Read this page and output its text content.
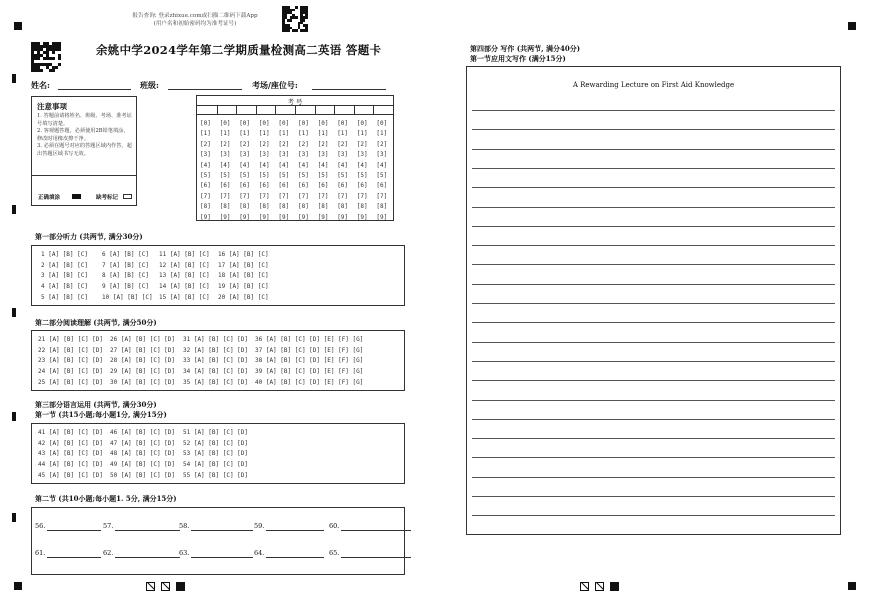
报告查询: 登录zhixue.com或扫描二维码下载App
(用户名和初始密码均为准考证号)
余姚中学2024学年第二学期质量检测高二英语 答题卡
姓名:	班级:	考场/座位号:
注意事项
1. 答题前请将姓名、班级、考场、准考证号填写清楚。
2. 客观题答题，必须使用2B铅笔填涂，修改时用橡皮擦干净。
3. 必须在题号对应的答题区域内作答，超出答题区域书写无效。
正确填涂	缺考标记
考 号
[0] [0] [0] [0] [0] [0] [0] [0] [0] [0]
[1] [1] [1] [1] [1] [1] [1] [1] [1] [1]
[2] [2] [2] [2] [2] [2] [2] [2] [2] [2]
[3] [3] [3] [3] [3] [3] [3] [3] [3] [3]
[4] [4] [4] [4] [4] [4] [4] [4] [4] [4]
[5] [5] [5] [5] [5] [5] [5] [5] [5] [5]
[6] [6] [6] [6] [6] [6] [6] [6] [6] [6]
[7] [7] [7] [7] [7] [7] [7] [7] [7] [7]
[8] [8] [8] [8] [8] [8] [8] [8] [8] [8]
[9] [9] [9] [9] [9] [9] [9] [9] [9] [9]
第一部分听力 (共两节, 满分30分)
1 [A] [B] [C]
2 [A] [B] [C]
3 [A] [B] [C]
4 [A] [B] [C]
5 [A] [B] [C]
6 [A] [B] [C]
7 [A] [B] [C]
8 [A] [B] [C]
9 [A] [B] [C]
10 [A] [B] [C]
11 [A] [B] [C]
12 [A] [B] [C]
13 [A] [B] [C]
14 [A] [B] [C]
15 [A] [B] [C]
16 [A] [B] [C]
17 [A] [B] [C]
18 [A] [B] [C]
19 [A] [B] [C]
20 [A] [B] [C]
第二部分阅读理解 (共两节, 满分50分)
21 [A] [B] [C] [D]
22 [A] [B] [C] [D]
23 [A] [B] [C] [D]
24 [A] [B] [C] [D]
25 [A] [B] [C] [D]
26 [A] [B] [C] [D]
27 [A] [B] [C] [D]
28 [A] [B] [C] [D]
29 [A] [B] [C] [D]
30 [A] [B] [C] [D]
31 [A] [B] [C] [D]
32 [A] [B] [C] [D]
33 [A] [B] [C] [D]
34 [A] [B] [C] [D]
35 [A] [B] [C] [D]
36 [A] [B] [C] [D] [E] [F] [G]
37 [A] [B] [C] [D] [E] [F] [G]
38 [A] [B] [C] [D] [E] [F] [G]
39 [A] [B] [C] [D] [E] [F] [G]
40 [A] [B] [C] [D] [E] [F] [G]
第三部分语言运用 (共两节, 满分30分)
第一节 (共15小题;每小题1分, 满分15分)
41 [A] [B] [C] [D]
42 [A] [B] [C] [D]
43 [A] [B] [C] [D]
44 [A] [B] [C] [D]
45 [A] [B] [C] [D]
46 [A] [B] [C] [D]
47 [A] [B] [C] [D]
48 [A] [B] [C] [D]
49 [A] [B] [C] [D]
50 [A] [B] [C] [D]
51 [A] [B] [C] [D]
52 [A] [B] [C] [D]
53 [A] [B] [C] [D]
54 [A] [B] [C] [D]
55 [A] [B] [C] [D]
第二节 (共10小题;每小题1. 5分, 满分15分)
56.	57.	58.	59.	60.
61.	62.	63.	64.	65.
第四部分 写作 (共两节, 满分40分)
第一节应用文写作 (满分15分)
A Rewarding Lecture on First Aid Knowledge
